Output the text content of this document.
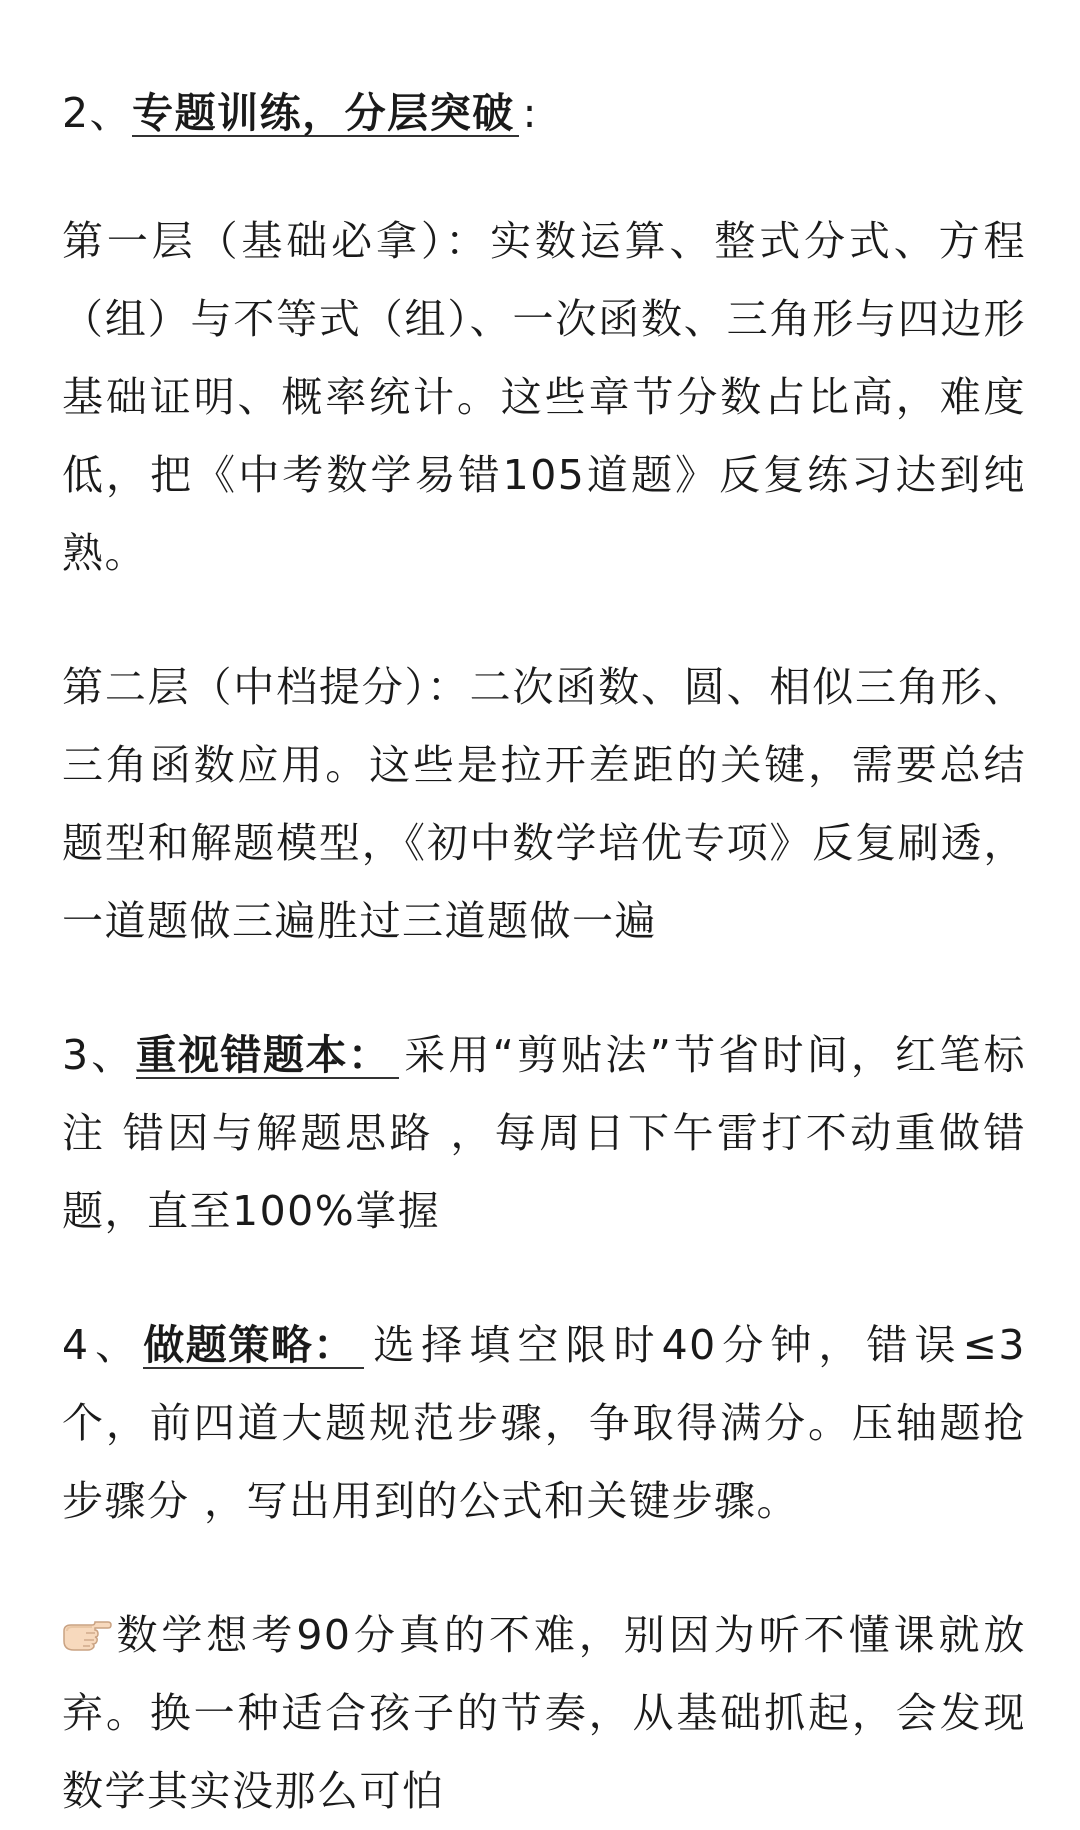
2、专题训练，分层突破 :

第一层（基础必拿）：实数运算、整式分式、方程（组）与不等式（组）、一次函数、三角形与四边形基础证明、概率统计。这些章节分数占比高，难度低，把《中考数学易错105道题》反复练习达到纯熟。

第二层（中档提分）：二次函数、圆、相似三角形、三角函数应用。这些是拉开差距的关键，需要总结题型和解题模型，《初中数学培优专项》反复刷透，一道题做三遍胜过三道题做一遍

3、重视错题本： 采用“剪贴法”节省时间，红笔标注 错因与解题思路 ，每周日下午雷打不动重做错题，直至100%掌握

4、做题策略： 选择填空限时40分钟，错误≤3个，前四道大题规范步骤，争取得满分。压轴题抢步骤分 ，写出用到的公式和关键步骤。

数学想考90分真的不难，别因为听不懂课就放弃。换一种适合孩子的节奏，从基础抓起，会发现数学其实没那么可怕
